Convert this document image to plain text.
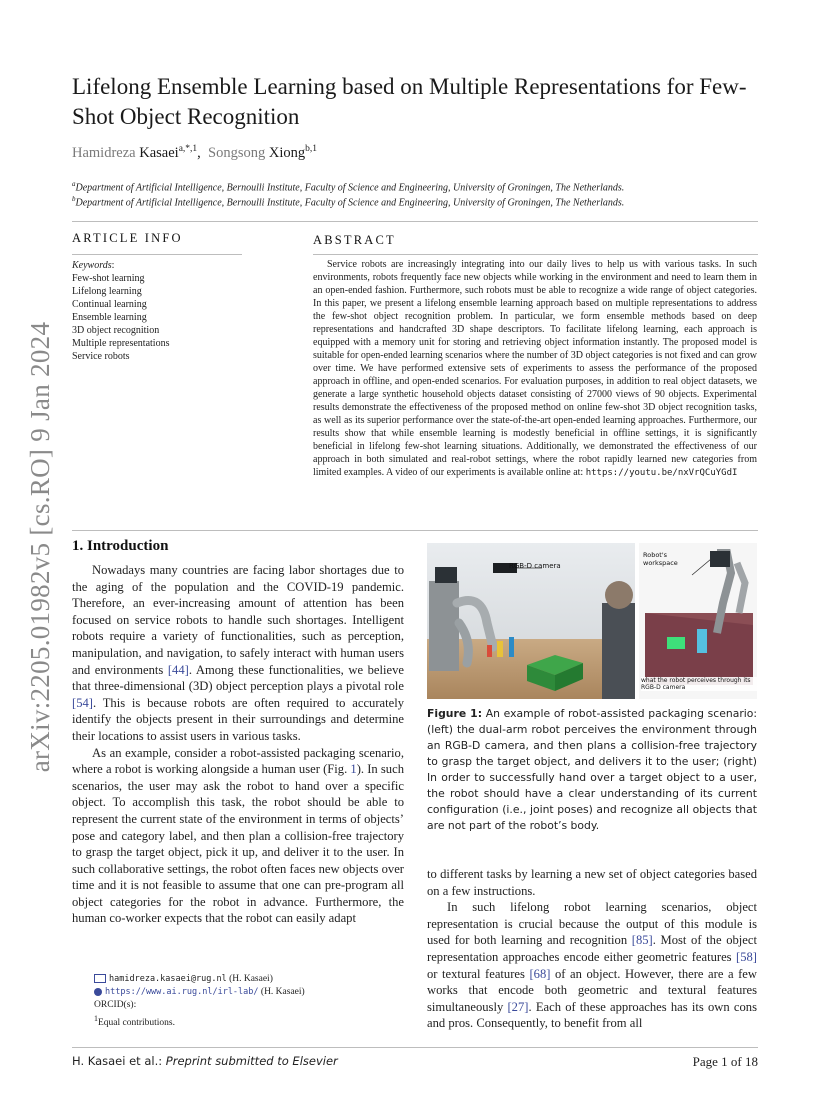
arXiv:2205.01982v5 [cs.RO] 9 Jan 2024
Lifelong Ensemble Learning based on Multiple Representations for Few-Shot Object Recognition
Hamidreza Kasaei$^{a,*,1}$,  Songsong Xiong$^{b,1}$
$^a$Department of Artificial Intelligence, Bernoulli Institute, Faculty of Science and Engineering, University of Groningen, The Netherlands.
$^b$Department of Artificial Intelligence, Bernoulli Institute, Faculty of Science and Engineering, University of Groningen, The Netherlands.
ARTICLE INFO
Keywords:
Few-shot learning
Lifelong learning
Continual learning
Ensemble learning
3D object recognition
Multiple representations
Service robots
ABSTRACT
Service robots are increasingly integrating into our daily lives to help us with various tasks. In such environments, robots frequently face new objects while working in the environment and need to learn them in an open-ended fashion. Furthermore, such robots must be able to recognize a wide range of object categories. In this paper, we present a lifelong ensemble learning approach based on multiple representations to address the few-shot object recognition problem. In particular, we form ensemble methods based on deep representations and handcrafted 3D shape descriptors. To facilitate lifelong learning, each approach is equipped with a memory unit for storing and retrieving object information instantly. The proposed model is suitable for open-ended learning scenarios where the number of 3D object categories is not fixed and can grow over time. We have performed extensive sets of experiments to assess the performance of the proposed approach in offline, and open-ended scenarios. For evaluation purposes, in addition to real object datasets, we generate a large synthetic household objects dataset consisting of 27000 views of 90 objects. Experimental results demonstrate the effectiveness of the proposed method on online few-shot 3D object recognition tasks, as well as its superior performance over the state-of-the-art open-ended learning approaches. Furthermore, our results show that while ensemble learning is modestly beneficial in offline settings, it is significantly beneficial in lifelong few-shot learning situations. Additionally, we demonstrated the effectiveness of our approach in both simulated and real-robot settings, where the robot rapidly learned new categories from limited examples. A video of our experiments is available online at: https://youtu.be/nxVrQCuYGdI
1. Introduction

Nowadays many countries are facing labor shortages due to the aging of the population and the COVID-19 pandemic. Therefore, an ever-increasing amount of attention has been focused on service robots to handle such shortages. Intelligent robots require a variety of functionalities, such as perception, manipulation, and navigation, to safely interact with human users and environments [44]. Among these functionalities, we believe that three-dimensional (3D) object perception plays a pivotal role [54]. This is because robots are often required to accurately identify the objects present in their surroundings and determine their locations to assist users in various tasks.

As an example, consider a robot-assisted packaging scenario, where a robot is working alongside a human user (Fig. 1). In such scenarios, the user may ask the robot to hand over a specific object. To accomplish this task, the robot should be able to represent the current state of the environment in terms of objects’ pose and category label, and then plan a collision-free trajectory to grasp the target object, pick it up, and deliver it to the user. In such collaborative settings, the robot often faces new objects over time and it is not feasible to assume that one can pre-program all object categories for the robot in advance. Furthermore, the human co-worker expects that the robot can easily adapt

RGB-D camera
Robot's workspace
what the robot perceives through its RGB-D camera
Figure 1: An example of robot-assisted packaging scenario: (left) the dual-arm robot perceives the environment through an RGB-D camera, and then plans a collision-free trajectory to grasp the target object, and delivers it to the user; (right) In order to successfully hand over a target object to a user, the robot should have a clear understanding of its current configuration (i.e., joint poses) and recognize all objects that are not part of the robot’s body.

to different tasks by learning a new set of object categories based on a few instructions.

In such lifelong robot learning scenarios, object representation is crucial because the output of this module is used for both learning and recognition [85]. Most of the object representation approaches encode either geometric features [58] or textural features [68] of an object. However, there are a few works that encode both geometric and textural features simultaneously [27]. Each of these approaches has its own cons and pros. Consequently, to benefit from all

hamidreza.kasaei@rug.nl (H. Kasaei)
https://www.ai.rug.nl/irl-lab/ (H. Kasaei)
ORCID(s):
$^1$Equal contributions.
H. Kasaei et al.: Preprint submitted to Elsevier	Page 1 of 18
